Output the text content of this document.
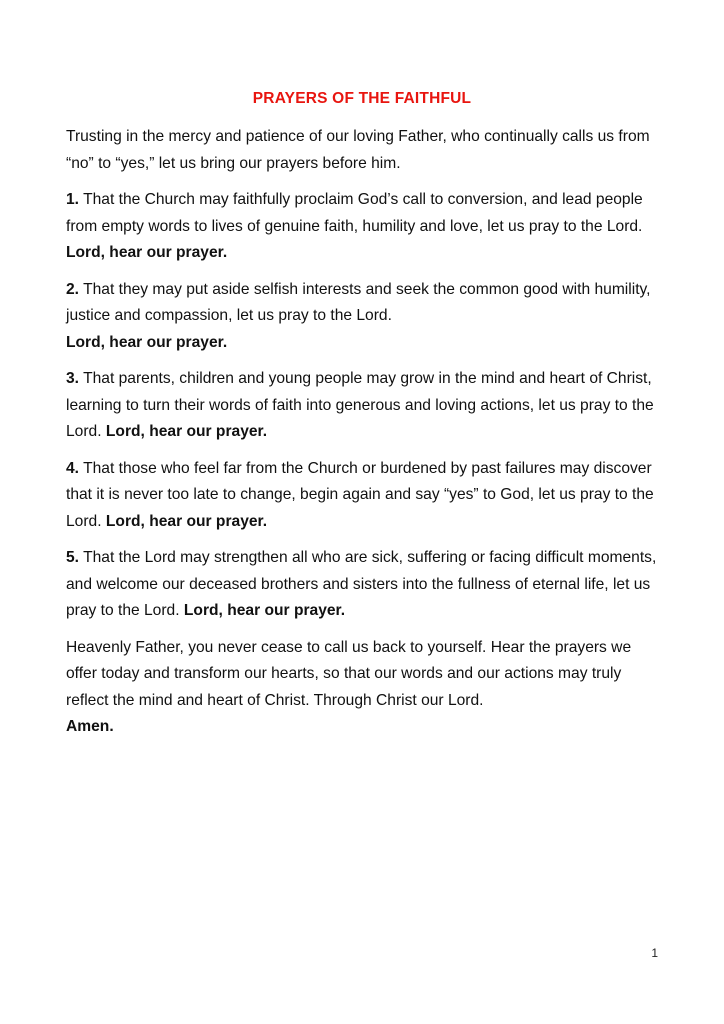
PRAYERS OF THE FAITHFUL

Trusting in the mercy and patience of our loving Father, who continually calls us from “no” to “yes,” let us bring our prayers before him.

1. That the Church may faithfully proclaim God’s call to conversion, and lead people from empty words to lives of genuine faith, humility and love, let us pray to the Lord. Lord, hear our prayer.

2. That they may put aside selfish interests and seek the common good with humility, justice and compassion, let us pray to the Lord.
Lord, hear our prayer.

3. That parents, children and young people may grow in the mind and heart of Christ, learning to turn their words of faith into generous and loving actions, let us pray to the Lord. Lord, hear our prayer.

4. That those who feel far from the Church or burdened by past failures may discover that it is never too late to change, begin again and say “yes” to God, let us pray to the Lord. Lord, hear our prayer.

5. That the Lord may strengthen all who are sick, suffering or facing difficult moments, and welcome our deceased brothers and sisters into the fullness of eternal life, let us pray to the Lord. Lord, hear our prayer.

Heavenly Father, you never cease to call us back to yourself. Hear the prayers we offer today and transform our hearts, so that our words and our actions may truly reflect the mind and heart of Christ. Through Christ our Lord.
Amen.

1
